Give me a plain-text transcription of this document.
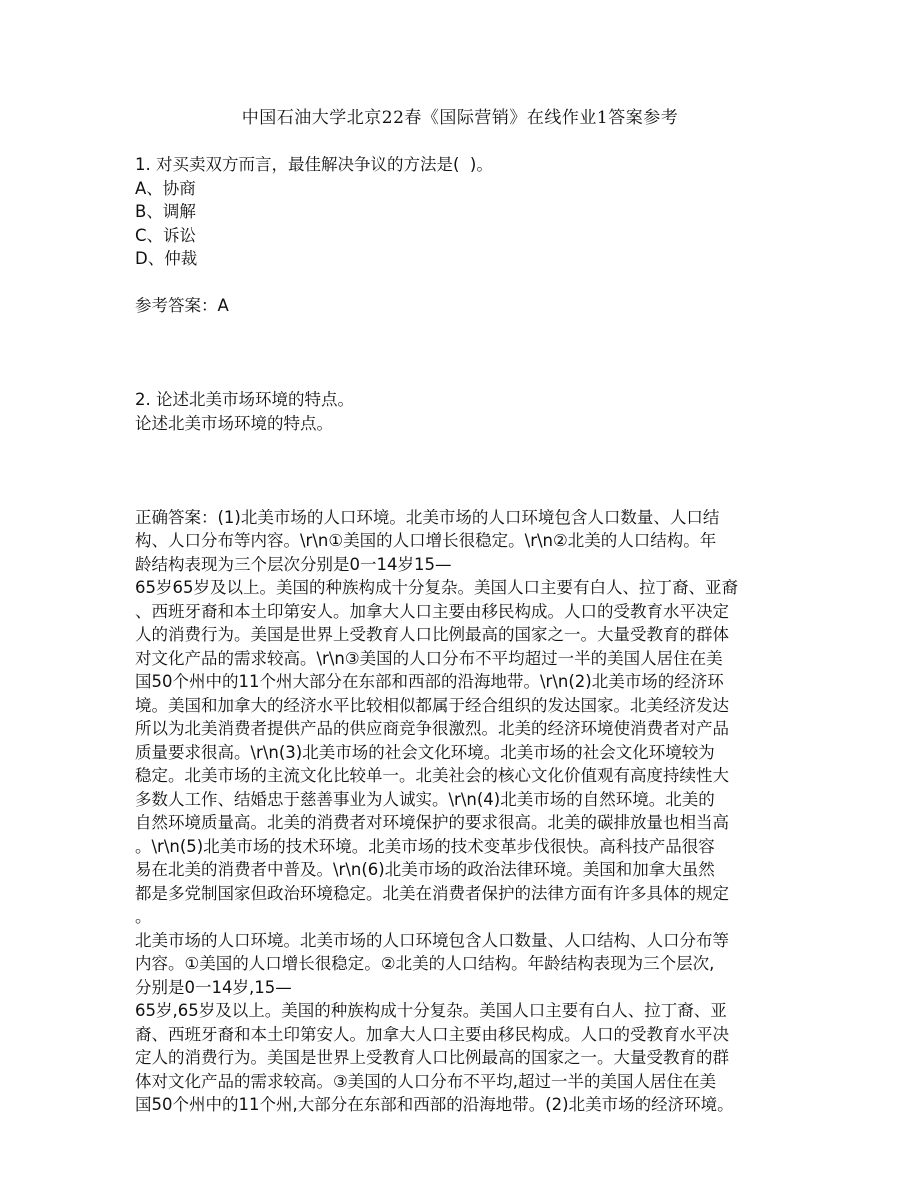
中国石油大学北京22春《国际营销》在线作业1答案参考
1. 对买卖双方而言，最佳解决争议的方法是(  )。
A、协商
B、调解
C、诉讼
D、仲裁
参考答案：A
2. 论述北美市场环境的特点。
论述北美市场环境的特点。

正确答案：(1)北美市场的人口环境。北美市场的人口环境包含人口数量、人口结

构、人口分布等内容。\r\n①美国的人口增长很稳定。\r\n②北美的人口结构。年

龄结构表现为三个层次分别是0一14岁15—

65岁65岁及以上。美国的种族构成十分复杂。美国人口主要有白人、拉丁裔、亚裔

、西班牙裔和本土印第安人。加拿大人口主要由移民构成。人口的受教育水平决定

人的消费行为。美国是世界上受教育人口比例最高的国家之一。大量受教育的群体

对文化产品的需求较高。\r\n③美国的人口分布不平均超过一半的美国人居住在美

国50个州中的11个州大部分在东部和西部的沿海地带。\r\n(2)北美市场的经济环

境。美国和加拿大的经济水平比较相似都属于经合组织的发达国家。北美经济发达

所以为北美消费者提供产品的供应商竞争很激烈。北美的经济环境使消费者对产品

质量要求很高。\r\n(3)北美市场的社会文化环境。北美市场的社会文化环境较为

稳定。北美市场的主流文化比较单一。北美社会的核心文化价值观有高度持续性大

多数人工作、结婚忠于慈善事业为人诚实。\r\n(4)北美市场的自然环境。北美的

自然环境质量高。北美的消费者对环境保护的要求很高。北美的碳排放量也相当高

。\r\n(5)北美市场的技术环境。北美市场的技术变革步伐很快。高科技产品很容

易在北美的消费者中普及。\r\n(6)北美市场的政治法律环境。美国和加拿大虽然

都是多党制国家但政治环境稳定。北美在消费者保护的法律方面有许多具体的规定

。

北美市场的人口环境。北美市场的人口环境包含人口数量、人口结构、人口分布等

内容。①美国的人口增长很稳定。②北美的人口结构。年龄结构表现为三个层次,

分别是0一14岁,15—

65岁,65岁及以上。美国的种族构成十分复杂。美国人口主要有白人、拉丁裔、亚

裔、西班牙裔和本土印第安人。加拿大人口主要由移民构成。人口的受教育水平决

定人的消费行为。美国是世界上受教育人口比例最高的国家之一。大量受教育的群

体对文化产品的需求较高。③美国的人口分布不平均,超过一半的美国人居住在美

国50个州中的11个州,大部分在东部和西部的沿海地带。(2)北美市场的经济环境。
